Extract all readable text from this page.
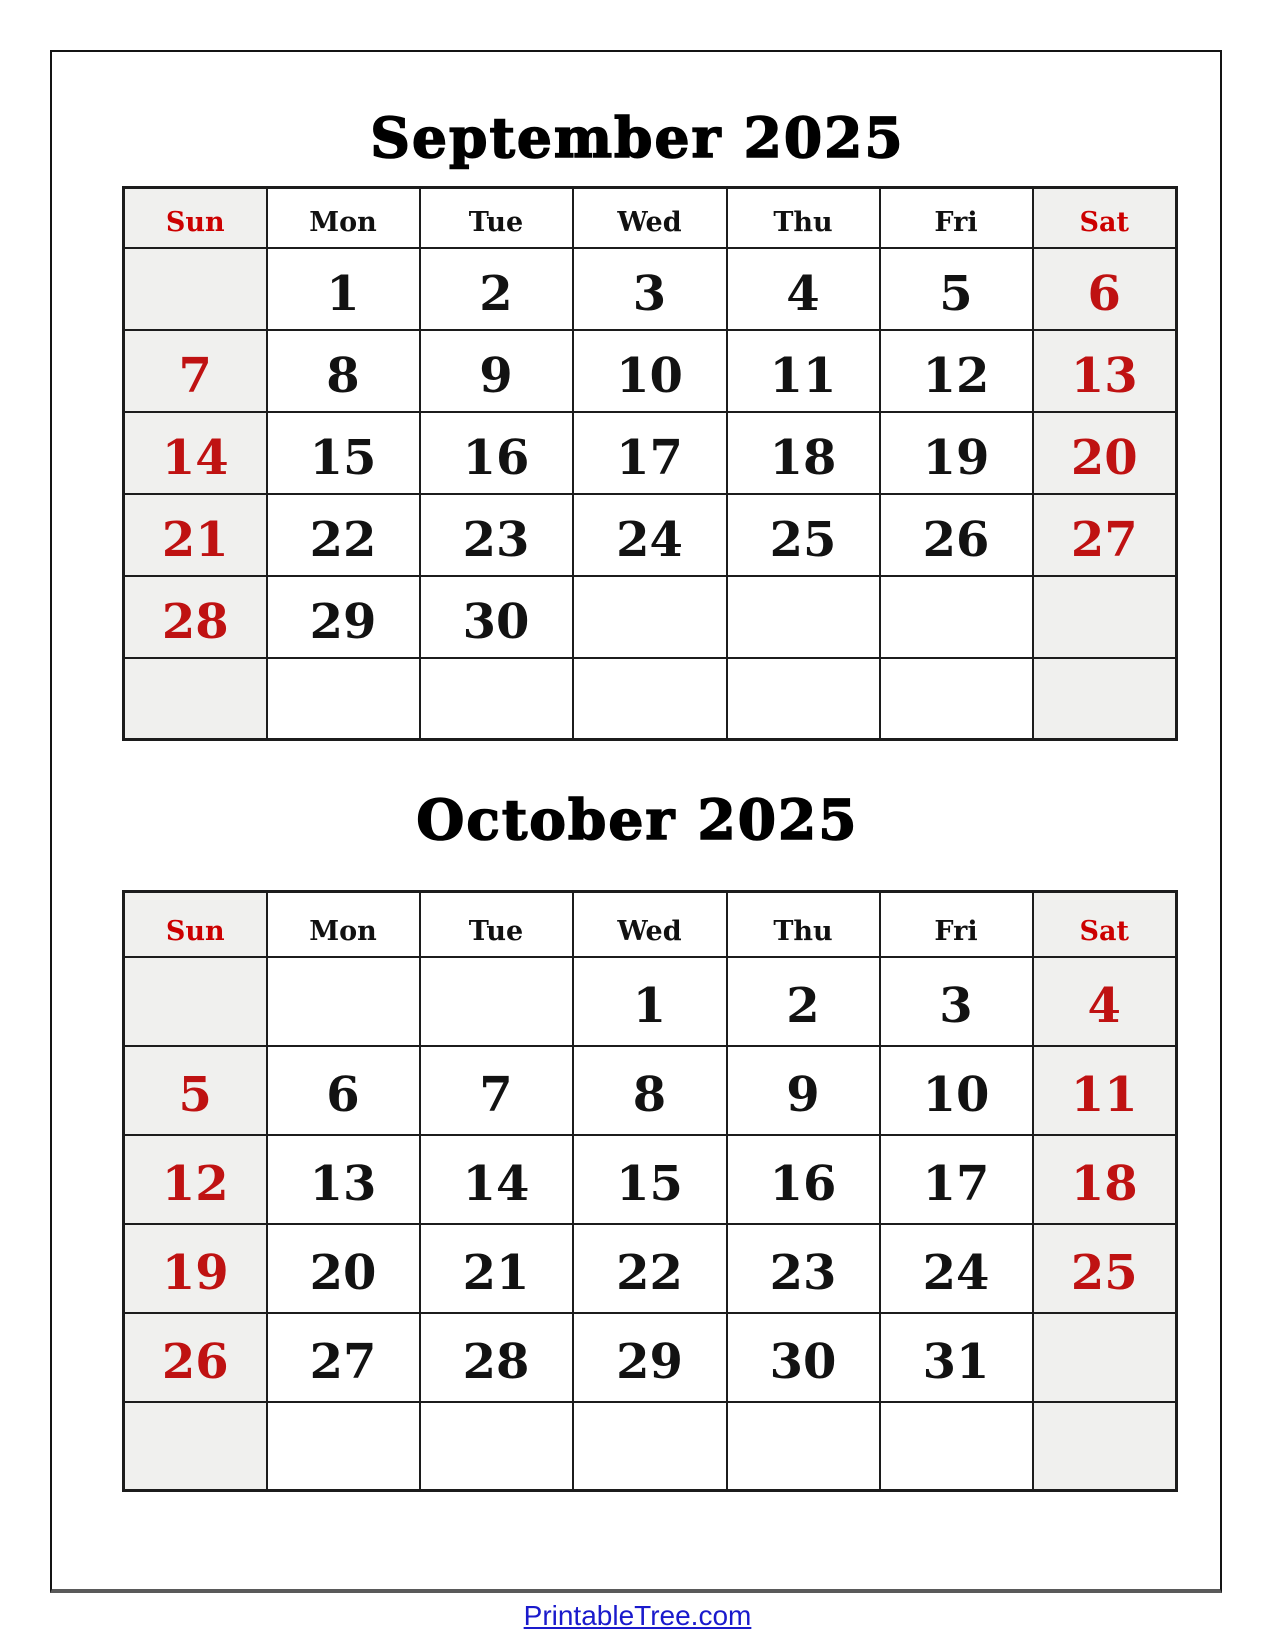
September 2025
Sun	Mon	Tue	Wed	Thu	Fri	Sat
	1	2	3	4	5	6
7	8	9	10	11	12	13
14	15	16	17	18	19	20
21	22	23	24	25	26	27
28	29	30				

October 2025
Sun	Mon	Tue	Wed	Thu	Fri	Sat
			1	2	3	4
5	6	7	8	9	10	11
12	13	14	15	16	17	18
19	20	21	22	23	24	25
26	27	28	29	30	31	

PrintableTree.com
